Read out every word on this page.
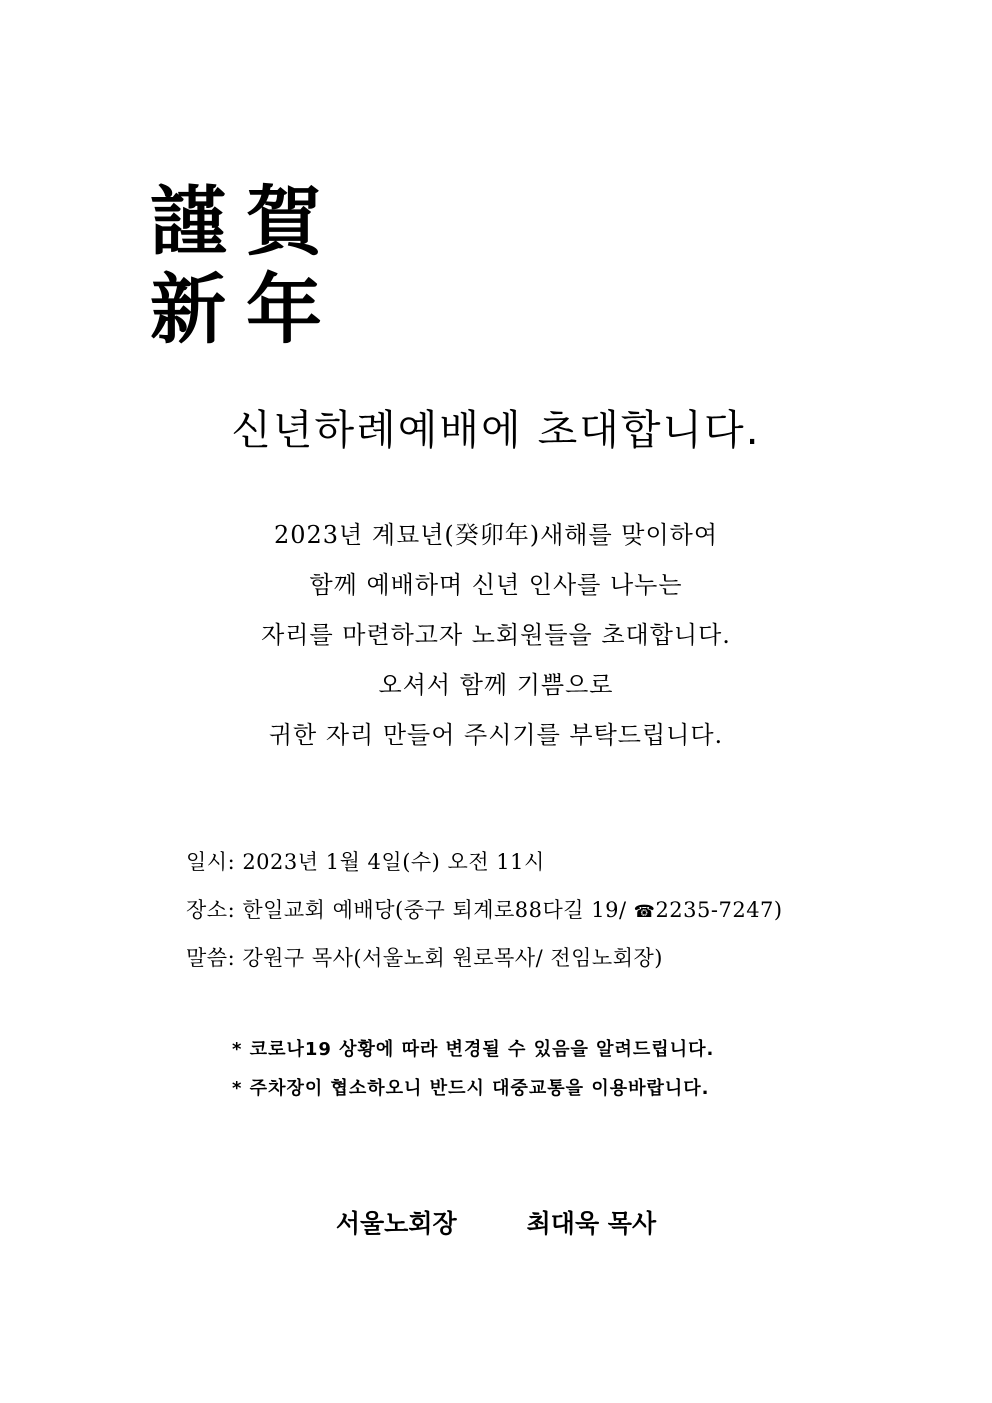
謹 賀
新 年
신년하례예배에 초대합니다.
2023년 계묘년(癸卯年)새해를 맞이하여
함께 예배하며 신년 인사를 나누는
자리를 마련하고자 노회원들을 초대합니다.
오셔서 함께 기쁨으로
귀한 자리 만들어 주시기를 부탁드립니다.
일시: 2023년 1월 4일(수) 오전 11시
장소: 한일교회 예배당(중구 퇴계로88다길 19/ ☎2235-7247)
말씀: 강원구 목사(서울노회 원로목사/ 전임노회장)
* 코로나19 상황에 따라 변경될 수 있음을 알려드립니다.
* 주차장이 협소하오니 반드시 대중교통을 이용바랍니다.
서울노회장	최대욱 목사
